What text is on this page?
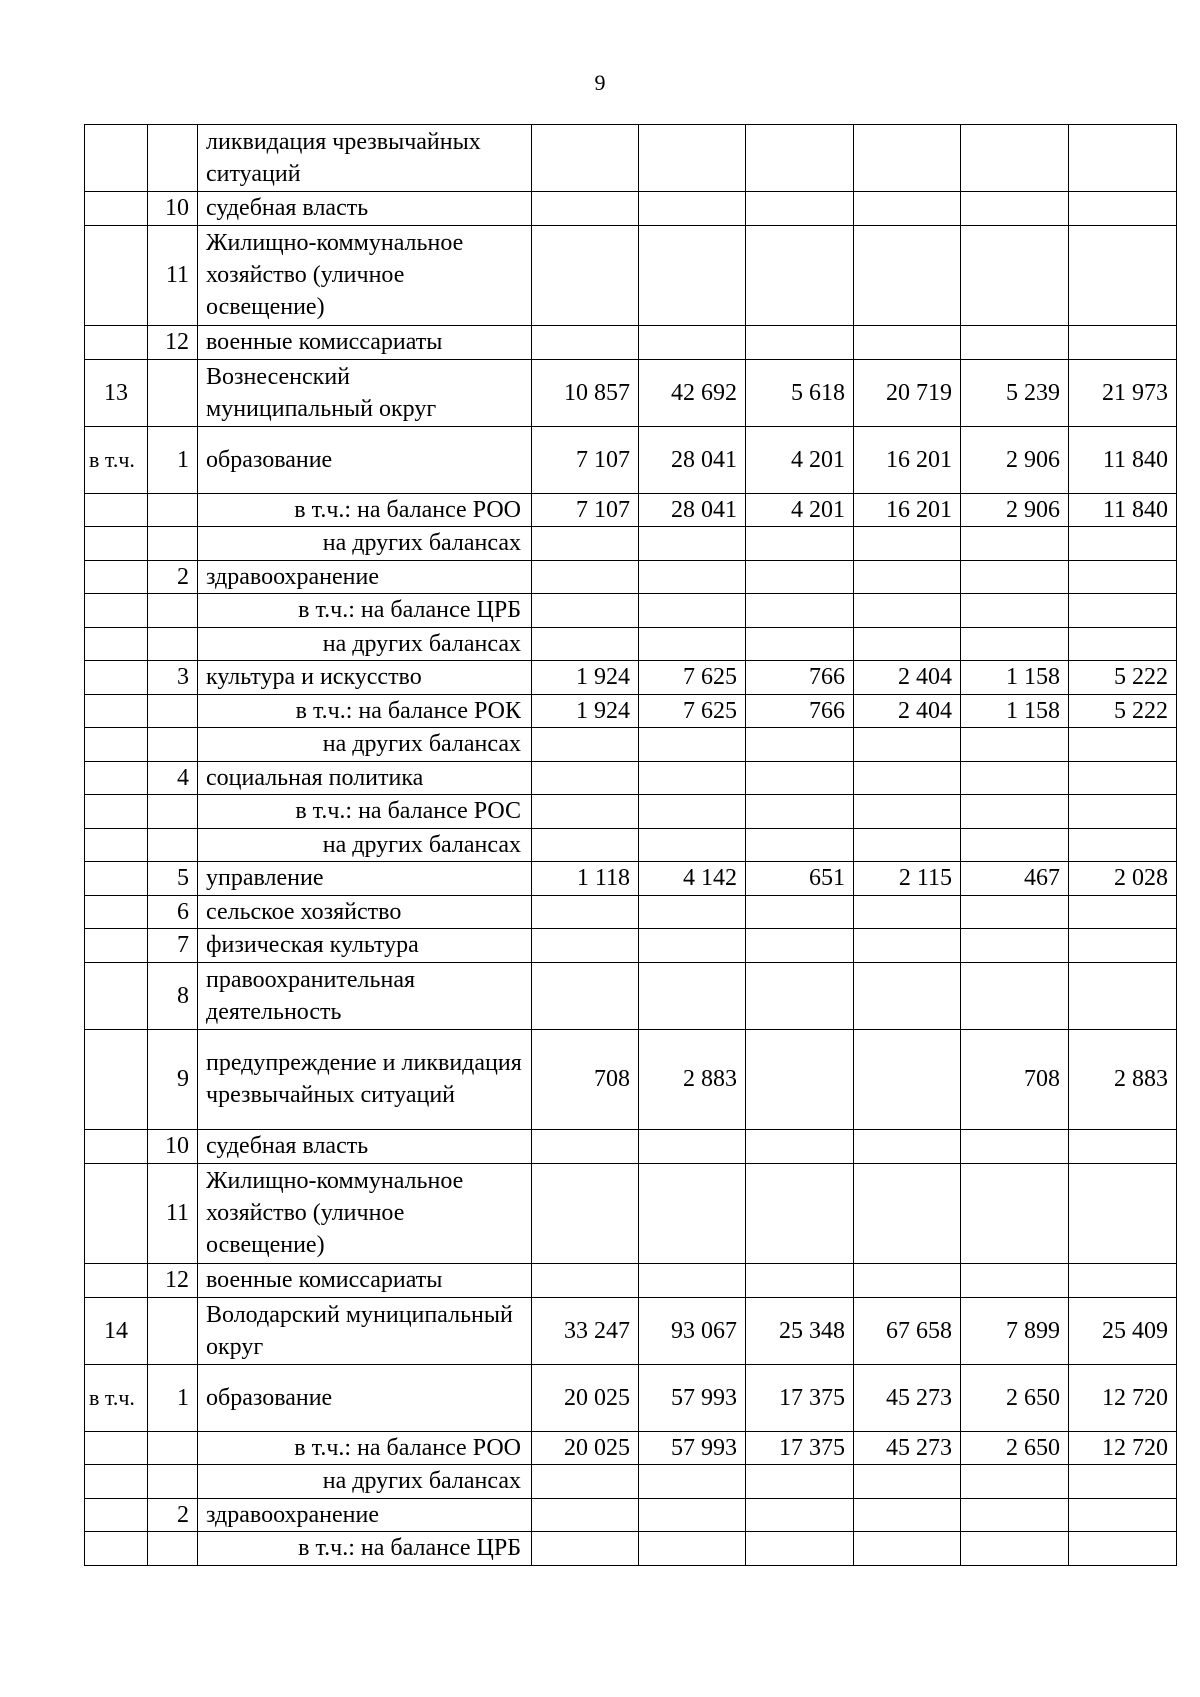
9
		ликвидация чрезвычайных ситуаций						
	10	судебная власть						
	11	Жилищно-коммунальное хозяйство (уличное освещение)						
	12	военные комиссариаты						
13		Вознесенский муниципальный округ	10 857	42 692	5 618	20 719	5 239	21 973
в т.ч.	1	образование	7 107	28 041	4 201	16 201	2 906	11 840
		в т.ч.: на балансе РОО	7 107	28 041	4 201	16 201	2 906	11 840
		на других балансах						
	2	здравоохранение						
		в т.ч.: на балансе ЦРБ						
		на других балансах						
	3	культура и искусство	1 924	7 625	766	2 404	1 158	5 222
		в т.ч.: на балансе РОК	1 924	7 625	766	2 404	1 158	5 222
		на других балансах						
	4	социальная политика						
		в т.ч.: на балансе РОС						
		на других балансах						
	5	управление	1 118	4 142	651	2 115	467	2 028
	6	сельское хозяйство						
	7	физическая культура						
	8	правоохранительная деятельность						
	9	предупреждение и ликвидация чрезвычайных ситуаций	708	2 883			708	2 883
	10	судебная власть						
	11	Жилищно-коммунальное хозяйство (уличное освещение)						
	12	военные комиссариаты						
14		Володарский муниципальный округ	33 247	93 067	25 348	67 658	7 899	25 409
в т.ч.	1	образование	20 025	57 993	17 375	45 273	2 650	12 720
		в т.ч.: на балансе РОО	20 025	57 993	17 375	45 273	2 650	12 720
		на других балансах						
	2	здравоохранение						
		в т.ч.: на балансе ЦРБ						
